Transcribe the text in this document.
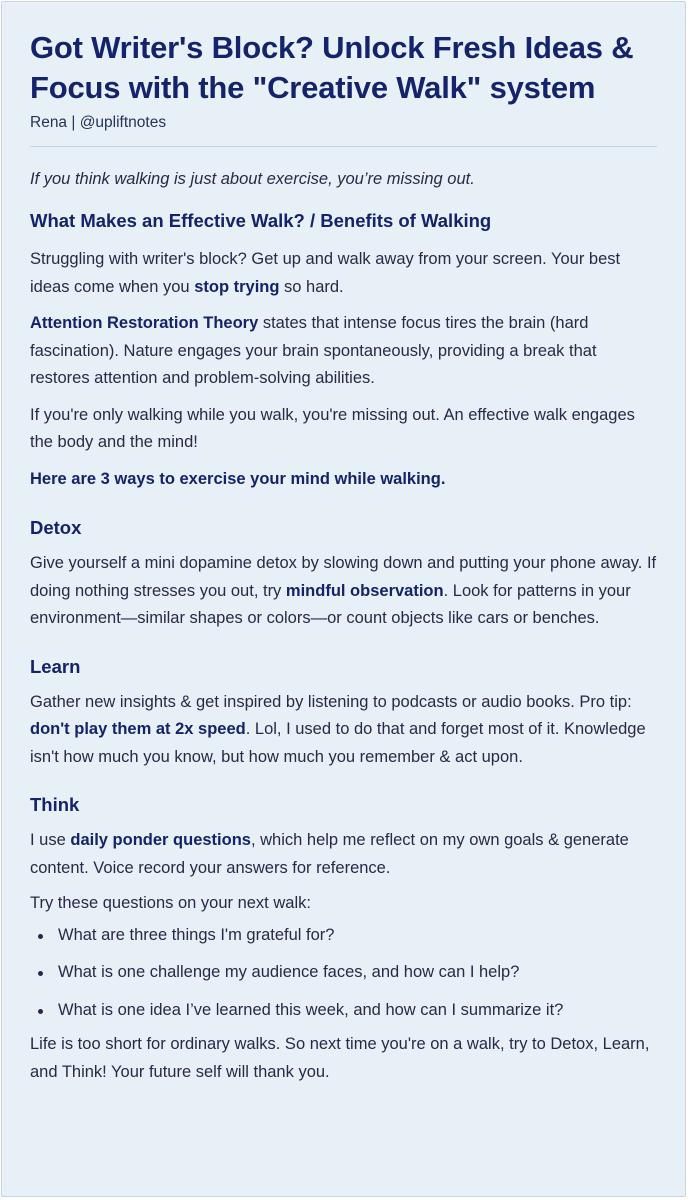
Got Writer's Block? Unlock Fresh Ideas & Focus with the "Creative Walk" system
Rena | @upliftnotes

If you think walking is just about exercise, you’re missing out.

What Makes an Effective Walk? / Benefits of Walking

Struggling with writer's block? Get up and walk away from your screen. Your best ideas come when you stop trying so hard.

Attention Restoration Theory states that intense focus tires the brain (hard fascination). Nature engages your brain spontaneously, providing a break that restores attention and problem-solving abilities.

If you're only walking while you walk, you're missing out. An effective walk engages the body and the mind!

Here are 3 ways to exercise your mind while walking.

Detox

Give yourself a mini dopamine detox by slowing down and putting your phone away. If doing nothing stresses you out, try mindful observation. Look for patterns in your environment—similar shapes or colors—or count objects like cars or benches.

Learn

Gather new insights & get inspired by listening to podcasts or audio books. Pro tip: don't play them at 2x speed. Lol, I used to do that and forget most of it. Knowledge isn't how much you know, but how much you remember & act upon.

Think

I use daily ponder questions, which help me reflect on my own goals & generate content. Voice record your answers for reference.

Try these questions on your next walk:

What are three things I'm grateful for?
What is one challenge my audience faces, and how can I help?
What is one idea I’ve learned this week, and how can I summarize it?

Life is too short for ordinary walks. So next time you're on a walk, try to Detox, Learn, and Think! Your future self will thank you.
